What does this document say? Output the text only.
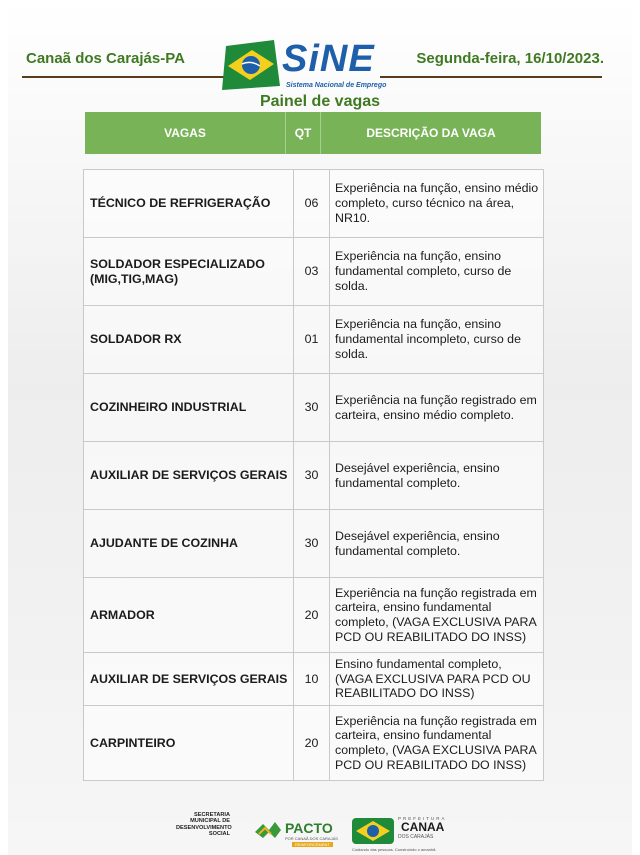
Canaã dos Carajás-PA	SiNE
Sistema Nacional de Emprego
Segunda-feira, 16/10/2023.
Painel de vagas
VAGAS	QT	DESCRIÇÃO DA VAGA
TÉCNICO DE REFRIGERAÇÃO	06	Experiência na função, ensino médio completo, curso técnico na área, NR10.
SOLDADOR ESPECIALIZADO (MIG,TIG,MAG)	03	Experiência na função, ensino fundamental completo, curso de solda.
SOLDADOR RX	01	Experiência na função, ensino fundamental incompleto, curso de solda.
COZINHEIRO INDUSTRIAL	30	Experiência na função registrado em carteira, ensino médio completo.
AUXILIAR DE SERVIÇOS GERAIS	30	Desejável experiência, ensino fundamental completo.
AJUDANTE DE COZINHA	30	Desejável experiência, ensino fundamental completo.
ARMADOR	20	Experiência na função registrada em carteira, ensino fundamental completo, (VAGA EXCLUSIVA PARA PCD OU REABILITADO DO INSS)
AUXILIAR DE SERVIÇOS GERAIS	10	Ensino fundamental completo, (VAGA EXCLUSIVA PARA PCD OU REABILITADO DO INSS)
CARPINTEIRO	20	Experiência na função registrada em carteira, ensino fundamental completo, (VAGA EXCLUSIVA PARA PCD OU REABILITADO DO INSS)
SECRETARIA
MUNICIPAL DE
DESENVOLVIMENTO
SOCIAL	PACTO
POR CANAÃ DOS CARAJÁS
REINFORCEMENT
PREFEITURA
CANAA
DOS CARAJÁS
Cuidando das pessoas. Construindo o amanhã.
